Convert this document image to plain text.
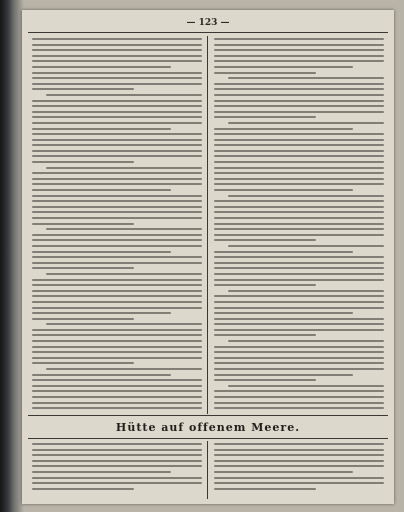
— 123 —
Hütte auf offenem Meere.
